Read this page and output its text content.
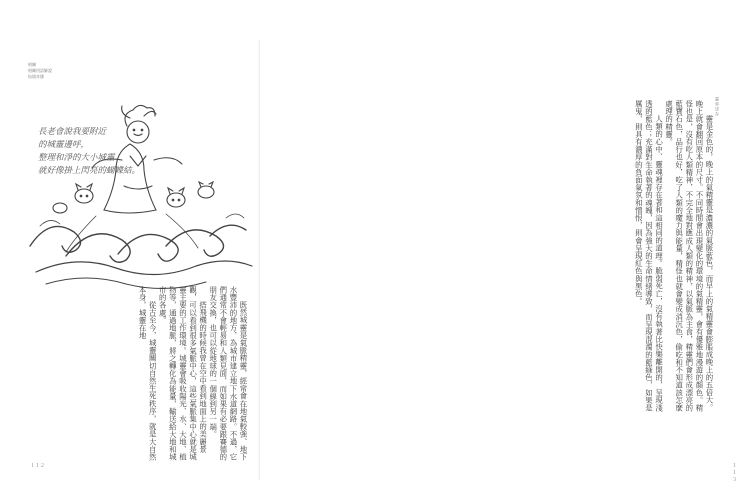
相關
相關用語解說
仙境奇緣
長老會說我要附近
的城靈邊呼，
整理和淨的大小城靈
就好像掛上閃亮的蝴蝶結。

既然城靈是氣脈精靈，經常會在地氣較強、地下水豐沛的地方，為城市建立地下水道網路。不過，它們通常不會輕易和人類見面，而如果有必要跟賽德的朋友交換，也可以從地球的一個線到另一端。

搭飛機的時候我曾在空中看到地面上的美麗景觀，可以看到很多氣脈中心，這些氣脈集中心就是城靈主要的工作環境。城靈會吸收陽光、水、大地、植物等，通過地脈，將之轉化為能量，輸送給大地和城市的各處。

從古至今，城靈關切自然生死秩序，就是大自然本身，城靈在地

１１２
靈界述存

靈是金色的，晚上的氣精靈是濃濃的氣脈藍色，而早上的氣精靈會膨脹成晚上的五倍大。晚上就會翻回原本的尺寸。不同時間會出現變化的環境的氣精靈，會有優雅地漫遊的顏色。精怪也是，沒有吃人類精神，不完全地對應成人類的精神，以氣脈為主食，精靈們會形成漂亮的藍寶石色，品行也好，吃了人類的魔力與能量，精怪也就會變成消沉色，偷吃和不知道該怎麼處理的精靈。

人類的心中、靈魂裡存在著和這相同的道理。脆弱死亡，沒有執著比快樂離開的，呈現淺透的藍色；充滿對生命執著的魂魄，因為強大的生命情緒導致，而呈現混濁的藍綠色，如果是厲鬼，則具有濃厚的負面氣氛和憎恨，則會呈現紅色與黑色。

１１３
